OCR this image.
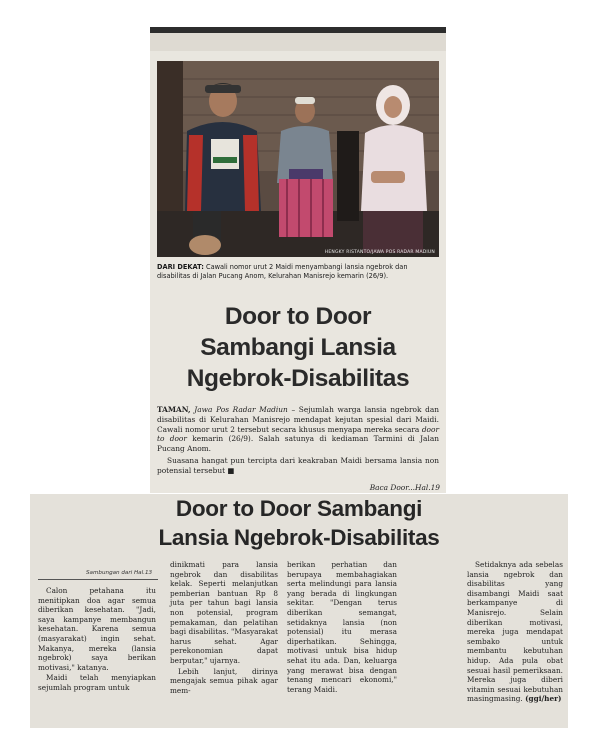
HENGKY RISTANTO/JAWA POS RADAR MADIUN
DARI DEKAT: Cawali nomor urut 2 Maidi menyambangi lansia ngebrok dan disabilitas di Jalan Pucang Anom, Kelurahan Manisrejo kemarin (26/9).
Door to Door
Sambangi Lansia
Ngebrok-Disabilitas

TAMAN, Jawa Pos Radar Madiun – Sejumlah warga lansia ngebrok dan disabilitas di Kelurahan Manisrejo mendapat kejutan spesial dari Maidi. Cawali nomor urut 2 tersebut secara khusus menyapa mereka secara door to door kemarin (26/9). Salah satunya di kediaman Tarmini di Jalan Pucang Anom.

Suasana hangat pun tercipta dari keakraban Maidi bersama lansia non potensial tersebut ■

Baca Door...Hal.19
Door to Door Sambangi
Lansia Ngebrok-Disabilitas
Sambungan dari Hal.13

Calon petahana itu menitipkan doa agar semua diberikan kesehatan. "Jadi, saya kampanye membangun kesehatan. Karena semua (masyarakat) ingin sehat. Makanya, mereka (lansia ngebrok) saya berikan motivasi," katanya.

Maidi telah menyiapkan sejumlah program untuk

dinikmati para lansia ngebrok dan disabilitas kelak. Seperti melanjutkan pemberian bantuan Rp 8 juta per tahun bagi lansia non potensial, program pemakaman, dan pelatihan bagi disabilitas. "Masyarakat harus sehat. Agar perekonomian dapat berputar," ujarnya.

Lebih lanjut, dirinya mengajak semua pihak agar mem-

berikan perhatian dan berupaya membahagiakan serta melindungi para lansia yang berada di lingkungan sekitar. "Dengan terus diberikan semangat, setidaknya lansia (non potensial) itu merasa diperhatikan. Sehingga, motivasi untuk bisa hidup sehat itu ada. Dan, keluarga yang merawat bisa dengan tenang mencari ekonomi," terang Maidi.

Setidaknya ada sebelas lansia ngebrok dan disabilitas yang disambangi Maidi saat berkampanye di Manisrejo. Selain diberikan motivasi, mereka juga mendapat sembako untuk membantu kebutuhan hidup. Ada pula obat sesuai hasil pemeriksaan. Mereka juga diberi vitamin sesuai kebutuhan masingmasing. (ggi/her)
